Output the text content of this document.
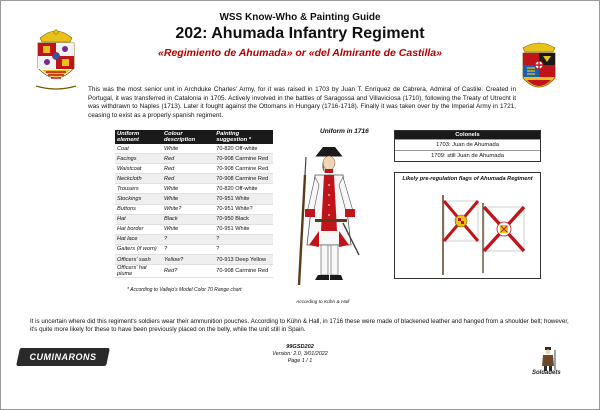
WSS Know-Who & Painting Guide
202: Ahumada Infantry Regiment
«Regimiento de Ahumada» or «del Almirante de Castilla»
This was the most senior unit in Archduke Charles' Army, for it was raised in 1703 by Juan T. Enríquez de Cabrera, Admiral of Castile. Created in Portugal, it was transferred in Catalonia in 1705. Actively involved in the battles of Saragossa and Villaviciosa (1710), following the Treaty of Utrecht it was withdrawn to Naples (1713). Later it fought against the Ottomans in Hungary (1716-1718). Finally it was taken over by the Imperial Army in 1721, ceasing to exist as a properly spanish regiment.
Uniform element	Colour description	Painting suggestion *
Coat	White	70-820 Off-white
Facings	Red	70-908 Carmine Red
Waistcoat	Red	70-908 Carmine Red
Neckcloth	Red	70-908 Carmine Red
Trousers	White	70-820 Off-white
Stockings	White	70-951 White
Buttons	White?	70-951 White?
Hat	Black	70-950 Black
Hat border	White	70-951 White
Hat lace	?	?
Gaiters (if worn)	?	?
Officers' sash	Yellow?	70-913 Deep Yellow
Officers' hat plume	Red?	70-908 Carmine Red
* According to Vallejo's Model Color 70 Range chart
Uniform in 1716
According to Kühn & Hall
Colonels
1703: Juan de Ahumada
1709: still Juan de Ahumada
Likely pre-regulation flags of Ahumada Regiment
It is uncertain where did this regiment's soldiers wear their ammunition pouches. According to Kühn & Hall, in 1716 these were made of blackened leather and hanged from a shoulder belt; however, it's quite more likely for these to have been previously placed on the belly, while the unit still in Spain.
CUMINARONS
99GSD202
Version: 2.0, 3/01/2022
Page 1 / 1
Soldadets
